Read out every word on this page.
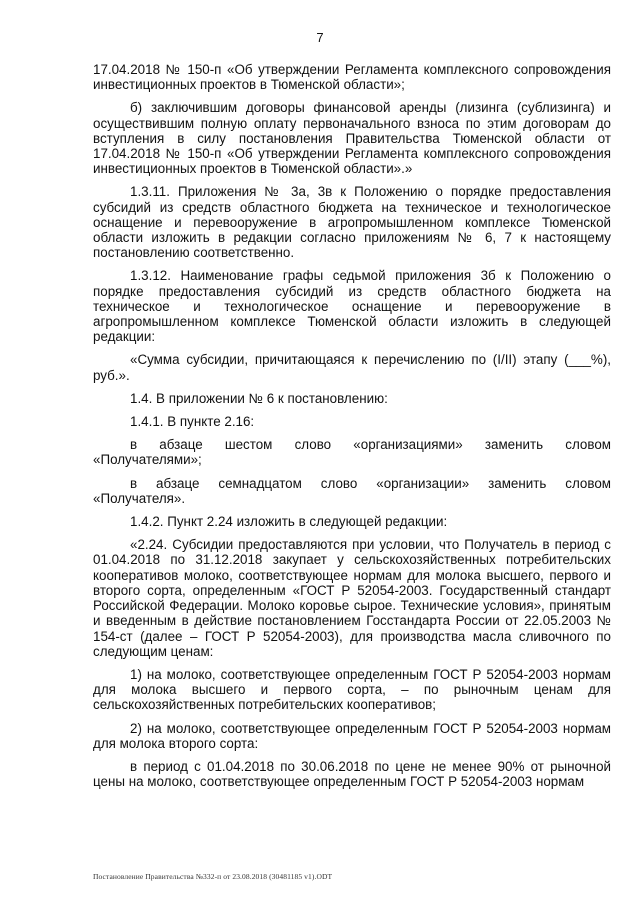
7

17.04.2018 № 150-п «Об утверждении Регламента комплексного сопровождения инвестиционных проектов в Тюменской области»;

б) заключившим договоры финансовой аренды (лизинга (сублизинга) и осуществившим полную оплату первоначального взноса по этим договорам до вступления в силу постановления Правительства Тюменской области от 17.04.2018 № 150-п «Об утверждении Регламента комплексного сопровождения инвестиционных проектов в Тюменской области».»

1.3.11. Приложения № 3а, 3в к Положению о порядке предоставления субсидий из средств областного бюджета на техническое и технологическое оснащение и перевооружение в агропромышленном комплексе Тюменской области изложить в редакции согласно приложениям № 6, 7 к настоящему постановлению соответственно.

1.3.12. Наименование графы седьмой приложения 3б к Положению о порядке предоставления субсидий из средств областного бюджета на техническое и технологическое оснащение и перевооружение в агропромышленном комплексе Тюменской области изложить в следующей редакции:

«Сумма субсидии, причитающаяся к перечислению по (I/II) этапу (___%), руб.».

1.4. В приложении № 6 к постановлению:

1.4.1. В пункте 2.16:

в абзаце шестом слово «организациями» заменить словом «Получателями»;

в абзаце семнадцатом слово «организации» заменить словом «Получателя».

1.4.2. Пункт 2.24 изложить в следующей редакции:

«2.24. Субсидии предоставляются при условии, что Получатель в период с 01.04.2018 по 31.12.2018 закупает у сельскохозяйственных потребительских кооперативов молоко, соответствующее нормам для молока высшего, первого и второго сорта, определенным «ГОСТ Р 52054-2003. Государственный стандарт Российской Федерации. Молоко коровье сырое. Технические условия», принятым и введенным в действие постановлением Госстандарта России от 22.05.2003 № 154-ст (далее – ГОСТ Р 52054-2003), для производства масла сливочного по следующим ценам:

1) на молоко, соответствующее определенным ГОСТ Р 52054-2003 нормам для молока высшего и первого сорта, – по рыночным ценам для сельскохозяйственных потребительских кооперативов;

2) на молоко, соответствующее определенным ГОСТ Р 52054-2003 нормам для молока второго сорта:

в период с 01.04.2018 по 30.06.2018 по цене не менее 90% от рыночной цены на молоко, соответствующее определенным ГОСТ Р 52054-2003 нормам

Постановление Правительства №332-п от 23.08.2018 (30481185 v1).ODT
